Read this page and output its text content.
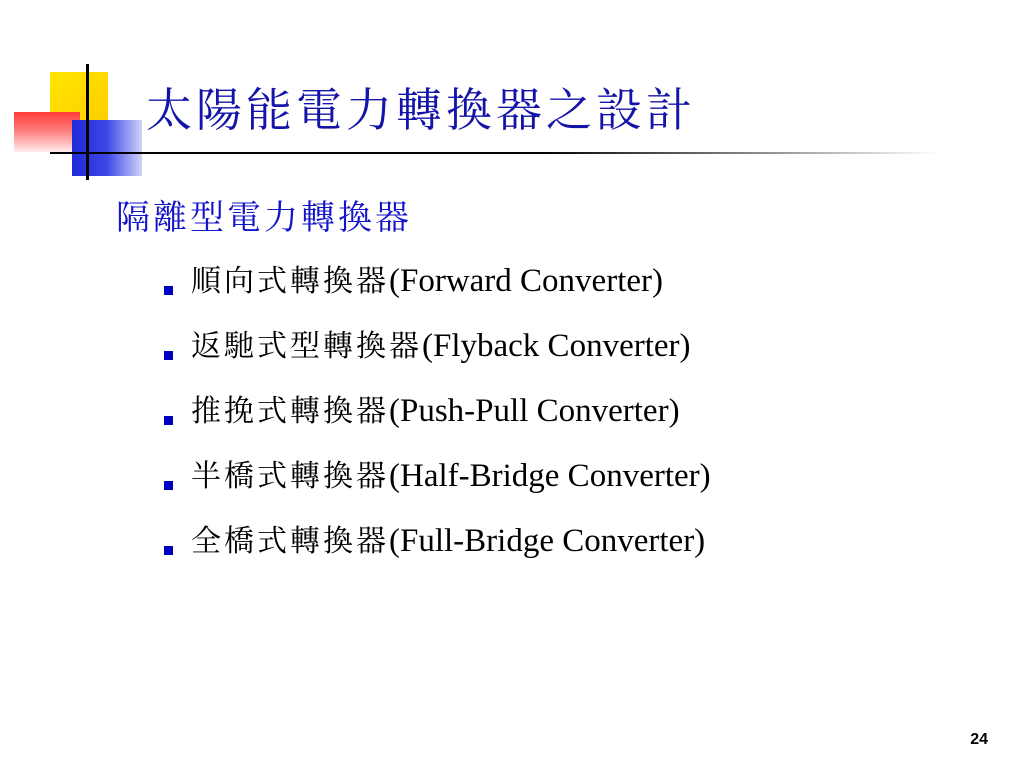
太陽能電力轉換器之設計
隔離型電力轉換器
順向式轉換器(Forward Converter)
返馳式型轉換器(Flyback Converter)
推挽式轉換器(Push-Pull Converter)
半橋式轉換器(Half-Bridge Converter)
全橋式轉換器(Full-Bridge Converter)
24
